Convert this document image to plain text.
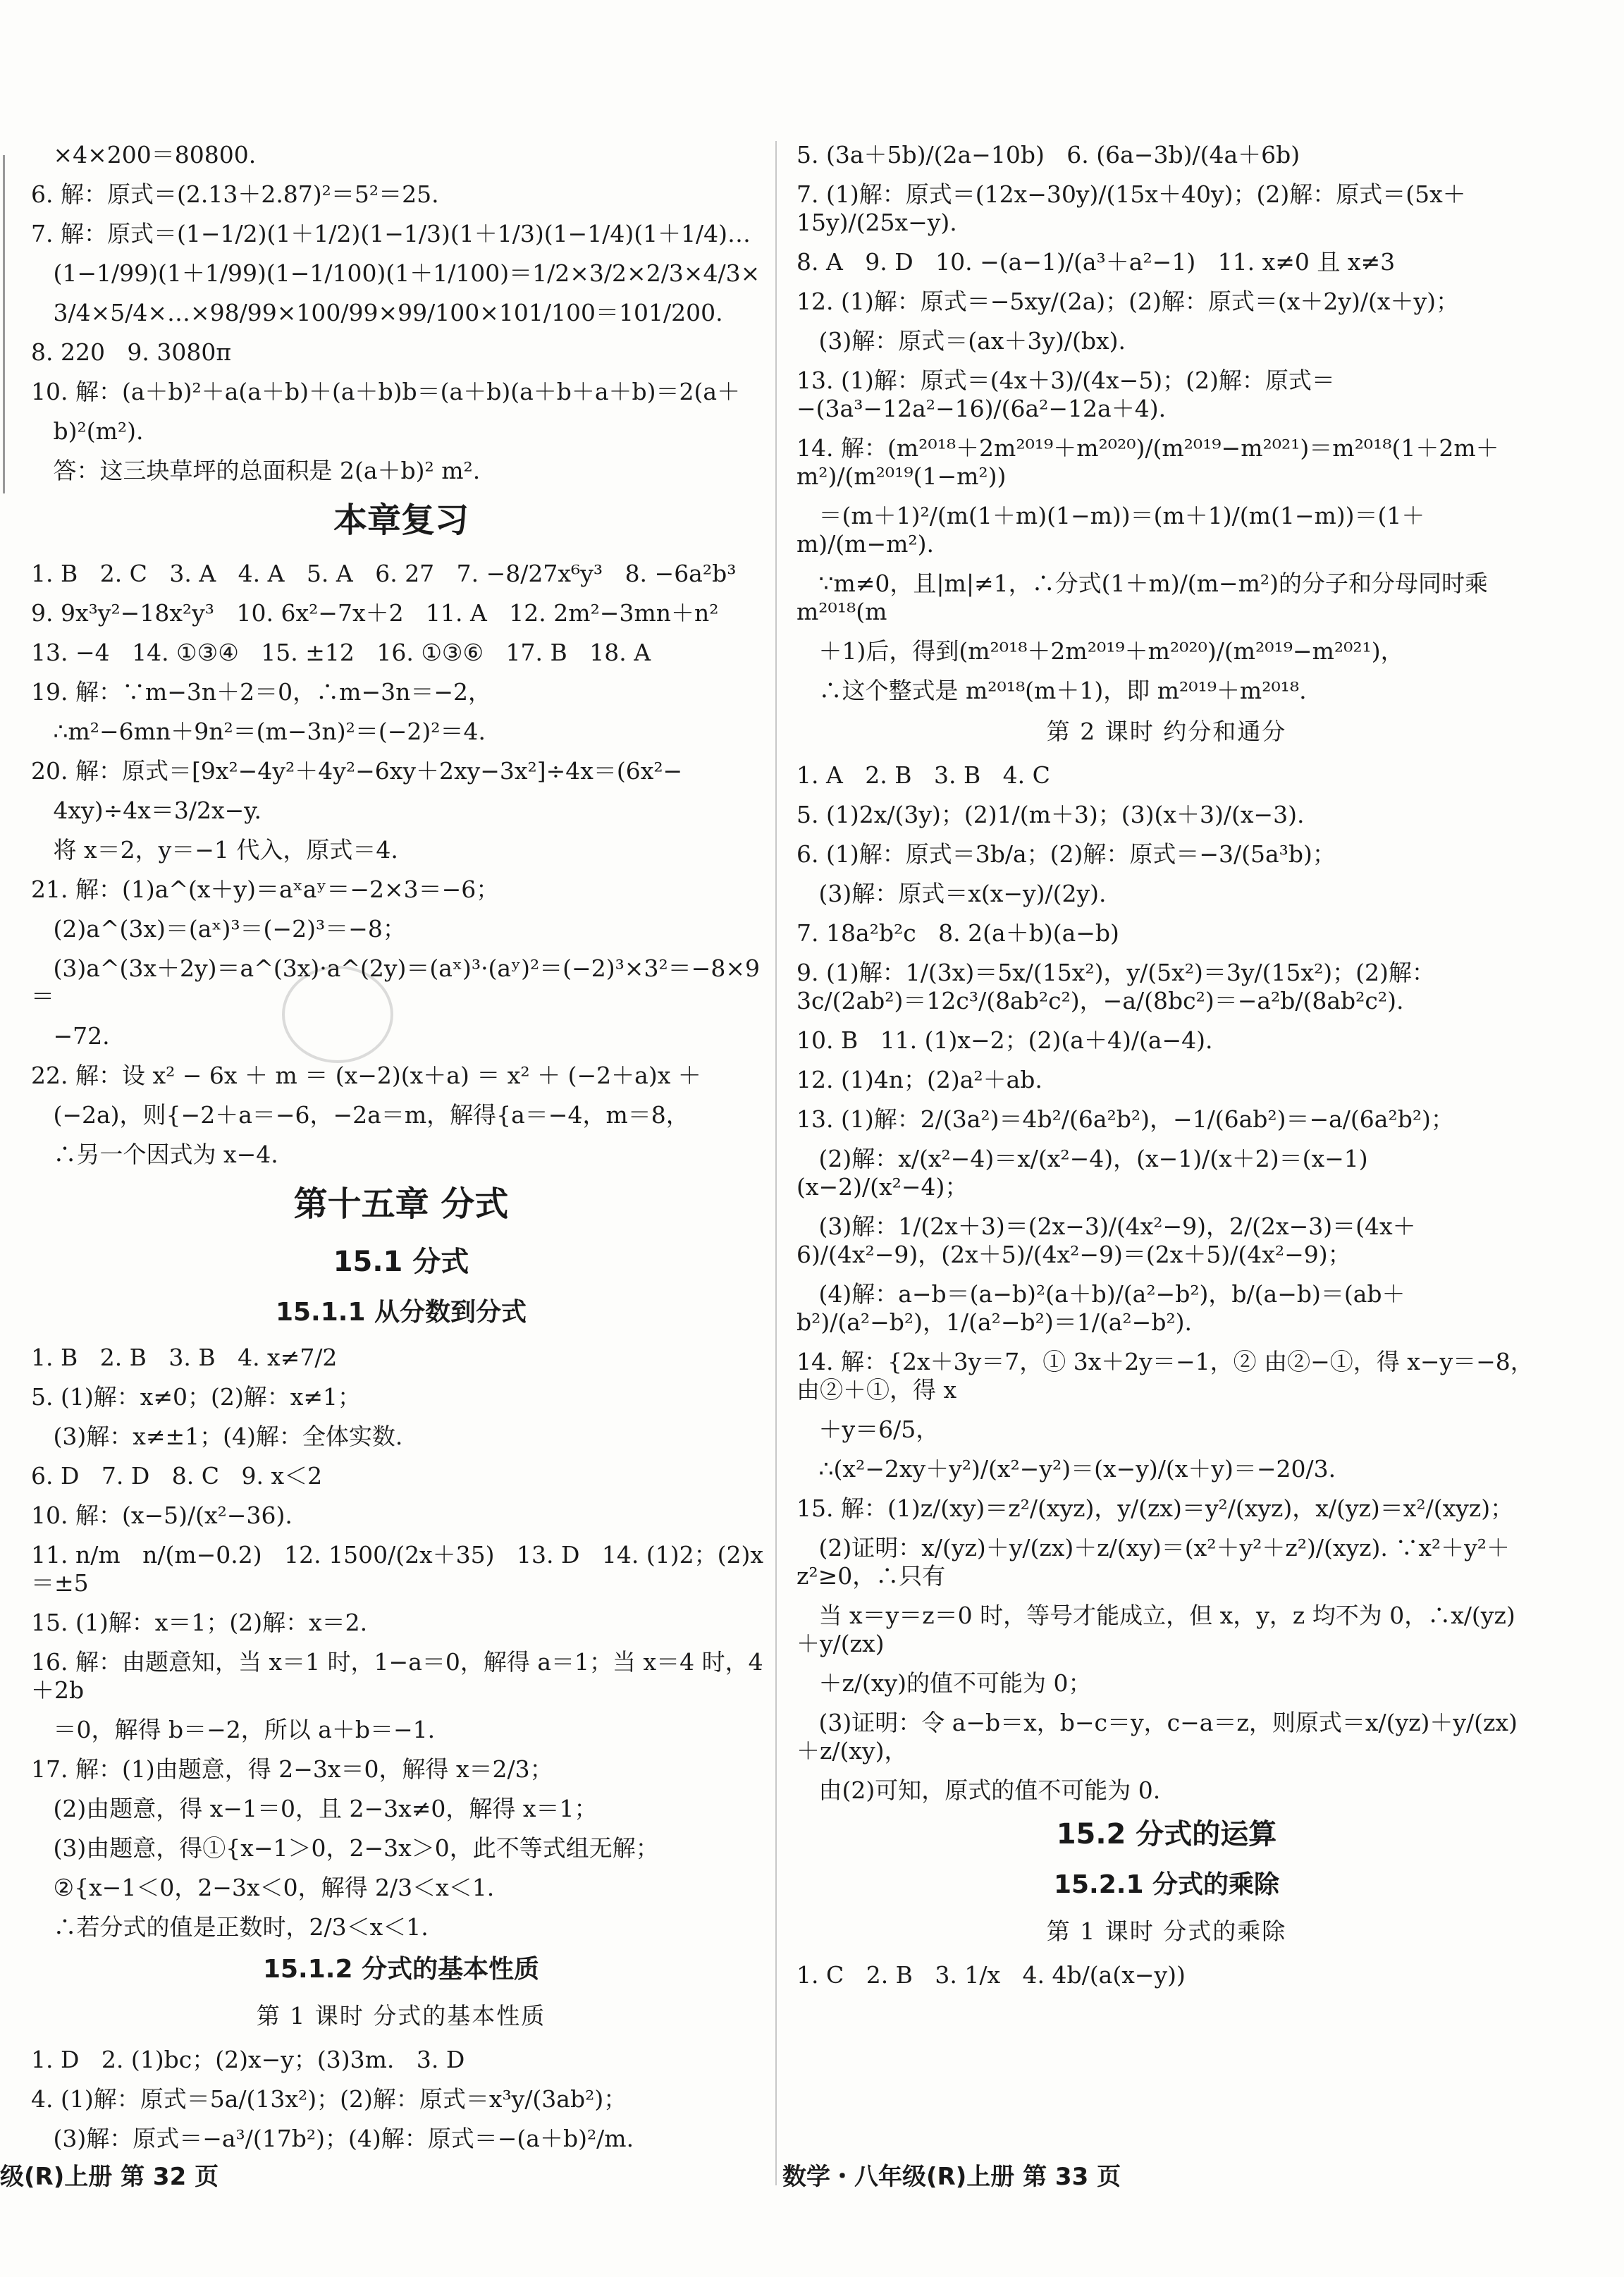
×4×200＝80800.
6. 解：原式＝(2.13＋2.87)²＝5²＝25.
7. 解：原式＝(1−1/2)(1＋1/2)(1−1/3)(1＋1/3)(1−1/4)(1＋1/4)…
(1−1/99)(1＋1/99)(1−1/100)(1＋1/100)＝1/2×3/2×2/3×4/3×
3/4×5/4×…×98/99×100/99×99/100×101/100＝101/200.
8. 220   9. 3080π
10. 解：(a＋b)²＋a(a＋b)＋(a＋b)b＝(a＋b)(a＋b＋a＋b)＝2(a＋
b)²(m²).
答：这三块草坪的总面积是 2(a＋b)² m².
本章复习
1. B   2. C   3. A   4. A   5. A   6. 27   7. −8/27x⁶y³   8. −6a²b³
9. 9x³y²−18x²y³   10. 6x²−7x＋2   11. A   12. 2m²−3mn＋n²
13. −4   14. ①③④   15. ±12   16. ①③⑥   17. B   18. A
19. 解：∵m−3n＋2＝0，∴m−3n＝−2，
∴m²−6mn＋9n²＝(m−3n)²＝(−2)²＝4.
20. 解：原式＝[9x²−4y²＋4y²−6xy＋2xy−3x²]÷4x＝(6x²−
4xy)÷4x＝3/2x−y.
将 x＝2，y＝−1 代入，原式＝4.
21. 解：(1)a^(x＋y)＝aˣaʸ＝−2×3＝−6；
(2)a^(3x)＝(aˣ)³＝(−2)³＝−8；
(3)a^(3x＋2y)＝a^(3x)·a^(2y)＝(aˣ)³·(aʸ)²＝(−2)³×3²＝−8×9＝
−72.
22. 解：设 x² − 6x ＋ m ＝ (x−2)(x＋a) ＝ x² ＋ (−2＋a)x ＋
(−2a)，则{−2＋a＝−6，−2a＝m，解得{a＝−4，m＝8，
∴另一个因式为 x−4.
第十五章 分式
15.1 分式
15.1.1 从分数到分式
1. B   2. B   3. B   4. x≠7/2
5. (1)解：x≠0；(2)解：x≠1；
(3)解：x≠±1；(4)解：全体实数.
6. D   7. D   8. C   9. x＜2
10. 解：(x−5)/(x²−36).
11. n/m   n/(m−0.2)   12. 1500/(2x＋35)   13. D   14. (1)2；(2)x＝±5
15. (1)解：x＝1；(2)解：x＝2.
16. 解：由题意知，当 x＝1 时，1−a＝0，解得 a＝1；当 x＝4 时，4＋2b
＝0，解得 b＝−2，所以 a＋b＝−1.
17. 解：(1)由题意，得 2−3x＝0，解得 x＝2/3；
(2)由题意，得 x−1＝0，且 2−3x≠0，解得 x＝1；
(3)由题意，得①{x−1＞0，2−3x＞0，此不等式组无解；
②{x−1＜0，2−3x＜0，解得 2/3＜x＜1.
∴若分式的值是正数时，2/3＜x＜1.
15.1.2 分式的基本性质
第 1 课时 分式的基本性质
1. D   2. (1)bc；(2)x−y；(3)3m.   3. D
4. (1)解：原式＝5a/(13x²)；(2)解：原式＝x³y/(3ab²)；
(3)解：原式＝−a³/(17b²)；(4)解：原式＝−(a＋b)²/m.
5. (3a＋5b)/(2a−10b)   6. (6a−3b)/(4a＋6b)
7. (1)解：原式＝(12x−30y)/(15x＋40y)；(2)解：原式＝(5x＋15y)/(25x−y).
8. A   9. D   10. −(a−1)/(a³＋a²−1)   11. x≠0 且 x≠3
12. (1)解：原式＝−5xy/(2a)；(2)解：原式＝(x＋2y)/(x＋y)；
(3)解：原式＝(ax＋3y)/(bx).
13. (1)解：原式＝(4x＋3)/(4x−5)；(2)解：原式＝−(3a³−12a²−16)/(6a²−12a＋4).
14. 解：(m²⁰¹⁸＋2m²⁰¹⁹＋m²⁰²⁰)/(m²⁰¹⁹−m²⁰²¹)＝m²⁰¹⁸(1＋2m＋m²)/(m²⁰¹⁹(1−m²))
＝(m＋1)²/(m(1＋m)(1−m))＝(m＋1)/(m(1−m))＝(1＋m)/(m−m²).
∵m≠0，且|m|≠1，∴分式(1＋m)/(m−m²)的分子和分母同时乘 m²⁰¹⁸(m
＋1)后，得到(m²⁰¹⁸＋2m²⁰¹⁹＋m²⁰²⁰)/(m²⁰¹⁹−m²⁰²¹)，
∴这个整式是 m²⁰¹⁸(m＋1)，即 m²⁰¹⁹＋m²⁰¹⁸.
第 2 课时 约分和通分
1. A   2. B   3. B   4. C
5. (1)2x/(3y)；(2)1/(m＋3)；(3)(x＋3)/(x−3).
6. (1)解：原式＝3b/a；(2)解：原式＝−3/(5a³b)；
(3)解：原式＝x(x−y)/(2y).
7. 18a²b²c   8. 2(a＋b)(a−b)
9. (1)解：1/(3x)＝5x/(15x²)，y/(5x²)＝3y/(15x²)；(2)解：3c/(2ab²)＝12c³/(8ab²c²)，−a/(8bc²)＝−a²b/(8ab²c²).
10. B   11. (1)x−2；(2)(a＋4)/(a−4).
12. (1)4n；(2)a²＋ab.
13. (1)解：2/(3a²)＝4b²/(6a²b²)，−1/(6ab²)＝−a/(6a²b²)；
(2)解：x/(x²−4)＝x/(x²−4)，(x−1)/(x＋2)＝(x−1)(x−2)/(x²−4)；
(3)解：1/(2x＋3)＝(2x−3)/(4x²−9)，2/(2x−3)＝(4x＋6)/(4x²−9)，(2x＋5)/(4x²−9)＝(2x＋5)/(4x²−9)；
(4)解：a−b＝(a−b)²(a＋b)/(a²−b²)，b/(a−b)＝(ab＋b²)/(a²−b²)，1/(a²−b²)＝1/(a²−b²).
14. 解：{2x＋3y＝7，① 3x＋2y＝−1，② 由②−①，得 x−y＝−8，由②＋①，得 x
＋y＝6/5，
∴(x²−2xy＋y²)/(x²−y²)＝(x−y)/(x＋y)＝−20/3.
15. 解：(1)z/(xy)＝z²/(xyz)，y/(zx)＝y²/(xyz)，x/(yz)＝x²/(xyz)；
(2)证明：x/(yz)＋y/(zx)＋z/(xy)＝(x²＋y²＋z²)/(xyz). ∵x²＋y²＋z²≥0，∴只有
当 x＝y＝z＝0 时，等号才能成立，但 x，y，z 均不为 0，∴x/(yz)＋y/(zx)
＋z/(xy)的值不可能为 0；
(3)证明：令 a−b＝x，b−c＝y，c−a＝z，则原式＝x/(yz)＋y/(zx)＋z/(xy)，
由(2)可知，原式的值不可能为 0.
15.2 分式的运算
15.2.1 分式的乘除
第 1 课时 分式的乘除
1. C   2. B   3. 1/x   4. 4b/(a(x−y))
级(R)上册 第 32 页	数学・八年级(R)上册 第 33 页
